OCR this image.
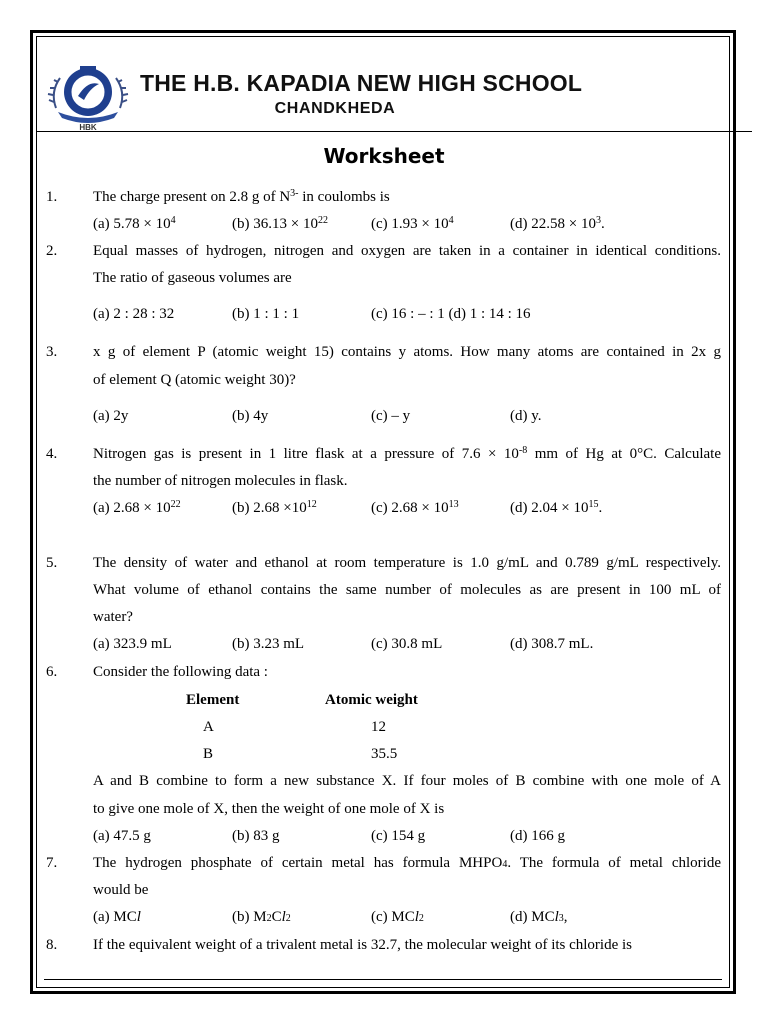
HBK
THE H.B. KAPADIA NEW HIGH SCHOOL
CHANDKHEDA
Worksheet
1. The charge present on 2.8 g of $N^{3-}$ in coulombs is
(a) $5.78 \times 10^4$	(b) $36.13 \times 10^{22}$	(c) $1.93 \times 10^4$	(d) $22.58 \times 10^3$.
2. Equal masses of hydrogen, nitrogen and oxygen are taken in a container in identical conditions.
The ratio of gaseous volumes are
(a) 2 : 28 : 32	(b) 1 : 1 : 1	(c) 16 : – : 1 (d) 1 : 14 : 16
3. x g of element P (atomic weight 15) contains y atoms. How many atoms are contained in 2x g
of element Q (atomic weight 30)?
(a) 2y	(b) 4y	(c) – y	(d) y.
4. Nitrogen gas is present in 1 litre flask at a pressure of $7.6 \times 10^{-8}$ mm of Hg at 0°C. Calculate
the number of nitrogen molecules in flask.
(a) $2.68 \times 10^{22}$	(b) $2.68 \times 10^{12}$	(c) $2.68 \times 10^{13}$	(d) $2.04 \times 10^{15}$.
5. The density of water and ethanol at room temperature is 1.0 g/mL and 0.789 g/mL respectively.
What volume of ethanol contains the same number of molecules as are present in 100 mL of
water?
(a) 323.9 mL	(b) 3.23 mL	(c) 30.8 mL	(d) 308.7 mL.
6. Consider the following data :
Element	Atomic weight
A	12
B	35.5
A and B combine to form a new substance X. If four moles of B combine with one mole of A
to give one mole of X, then the weight of one mole of X is
(a) 47.5 g	(b) 83 g	(c) 154 g	(d) 166 g
7. The hydrogen phosphate of certain metal has formula $MHPO_4$. The formula of metal chloride
would be
(a) MCl	(b) $M_2Cl_2$	(c) MCl$_2$	(d) MCl$_3$,
8. If the equivalent weight of a trivalent metal is 32.7, the molecular weight of its chloride is
